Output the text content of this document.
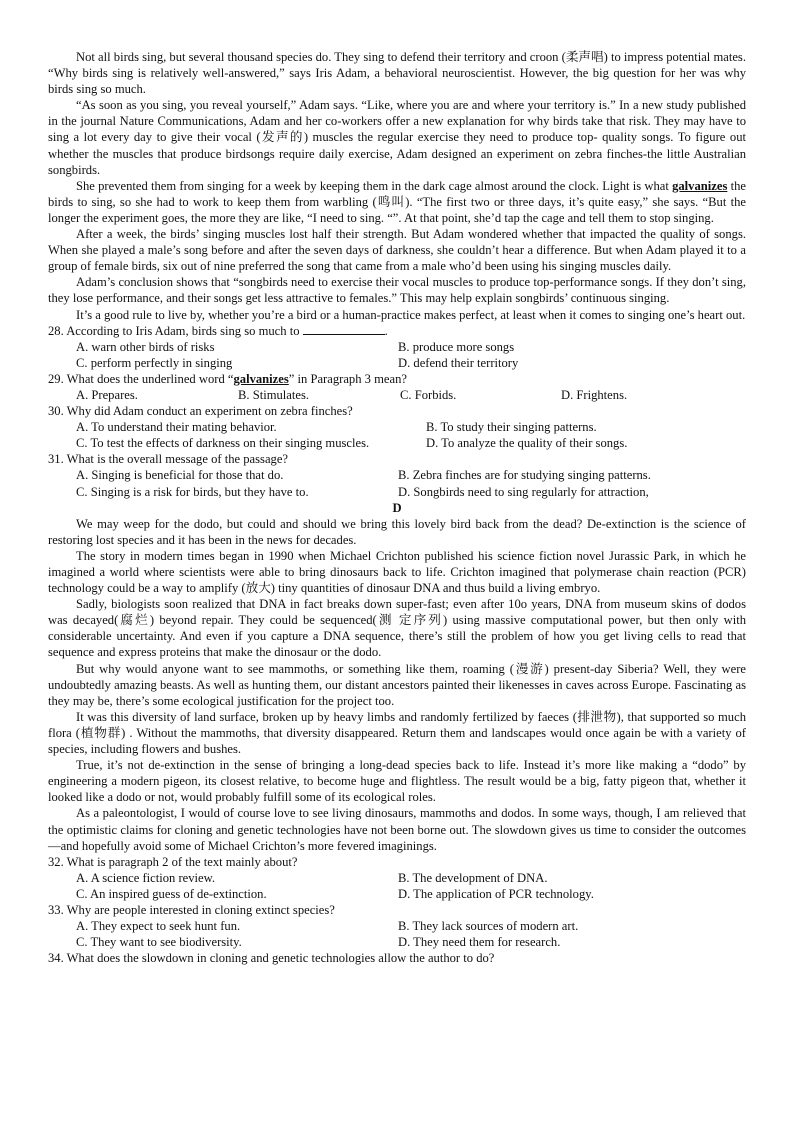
Not all birds sing, but several thousand species do. They sing to defend their territory and croon (柔声唱) to impress potential mates. “Why birds sing is relatively well-answered,” says Iris Adam, a behavioral neuroscientist. However, the big question for her was why birds sing so much.

“As soon as you sing, you reveal yourself,” Adam says. “Like, where you are and where your territory is.” In a new study published in the journal Nature Communications, Adam and her co-workers offer a new explanation for why birds take that risk. They may have to sing a lot every day to give their vocal (发声的) muscles the regular exercise they need to produce top- quality songs. To figure out whether the muscles that produce birdsongs require daily exercise, Adam designed an experiment on zebra finches-the little Australian songbirds.

She prevented them from singing for a week by keeping them in the dark cage almost around the clock. Light is what galvanizes the birds to sing, so she had to work to keep them from warbling (鸣叫). “The first two or three days, it’s quite easy,” she says. “But the longer the experiment goes, the more they are like, “I need to sing. “”. At that point, she’d tap the cage and tell them to stop singing.

After a week, the birds’ singing muscles lost half their strength. But Adam wondered whether that impacted the quality of songs. When she played a male’s song before and after the seven days of darkness, she couldn’t hear a difference. But when Adam played it to a group of female birds, six out of nine preferred the song that came from a male who’d been using his singing muscles daily.

Adam’s conclusion shows that “songbirds need to exercise their vocal muscles to produce top-performance songs. If they don’t sing, they lose performance, and their songs get less attractive to females.” This may help explain songbirds’ continuous singing.

It’s a good rule to live by, whether you’re a bird or a human-practice makes perfect, at least when it comes to singing one’s heart out.

28. According to Iris Adam, birds sing so much to	.
A. warn other birds of risks	B. produce more songs
C. perform perfectly in singing	D. defend their territory
29. What does the underlined word “galvanizes” in Paragraph 3 mean?
A. Prepares.	B. Stimulates.	C. Forbids.	D. Frightens.
30. Why did Adam conduct an experiment on zebra finches?
A. To understand their mating behavior.	B. To study their singing patterns.
C. To test the effects of darkness on their singing muscles.	D. To analyze the quality of their songs.
31. What is the overall message of the passage?
A. Singing is beneficial for those that do.	B. Zebra finches are for studying singing patterns.
C. Singing is a risk for birds, but they have to.	D. Songbirds need to sing regularly for attraction,
D

We may weep for the dodo, but could and should we bring this lovely bird back from the dead? De-extinction is the science of restoring lost species and it has been in the news for decades.

The story in modern times began in 1990 when Michael Crichton published his science fiction novel Jurassic Park, in which he imagined a world where scientists were able to bring dinosaurs back to life. Crichton imagined that polymerase chain reaction (PCR) technology could be a way to amplify (放大) tiny quantities of dinosaur DNA and thus build a living embryo.

Sadly, biologists soon realized that DNA in fact breaks down super-fast; even after 10o years, DNA from museum skins of dodos was decayed(腐烂) beyond repair. They could be sequenced(测 定序列) using massive computational power, but then only with considerable uncertainty. And even if you capture a DNA sequence, there’s still the problem of how you get living cells to read that sequence and express proteins that make the dinosaur or the dodo.

But why would anyone want to see mammoths, or something like them, roaming (漫游) present-day Siberia? Well, they were undoubtedly amazing beasts. As well as hunting them, our distant ancestors painted their likenesses in caves across Europe. Fascinating as they may be, there’s some ecological justification for the project too.

It was this diversity of land surface, broken up by heavy limbs and randomly fertilized by faeces (排泄物), that supported so much flora (植物群) . Without the mammoths, that diversity disappeared. Return them and landscapes would once again be with a variety of species, including flowers and bushes.

True, it’s not de-extinction in the sense of bringing a long-dead species back to life. Instead it’s more like making a “dodo” by engineering a modern pigeon, its closest relative, to become huge and flightless. The result would be a big, fatty pigeon that, whether it looked like a dodo or not, would probably fulfill some of its ecological roles.

As a paleontologist, I would of course love to see living dinosaurs, mammoths and dodos. In some ways, though, I am relieved that the optimistic claims for cloning and genetic technologies have not been borne out. The slowdown gives us time to consider the outcomes—and hopefully avoid some of Michael Crichton’s more fevered imaginings.

32. What is paragraph 2 of the text mainly about?
A. A science fiction review.	B. The development of DNA.
C. An inspired guess of de-extinction.	D. The application of PCR technology.
33. Why are people interested in cloning extinct species?
A. They expect to seek hunt fun.	B. They lack sources of modern art.
C. They want to see biodiversity.	D. They need them for research.
34. What does the slowdown in cloning and genetic technologies allow the author to do?
